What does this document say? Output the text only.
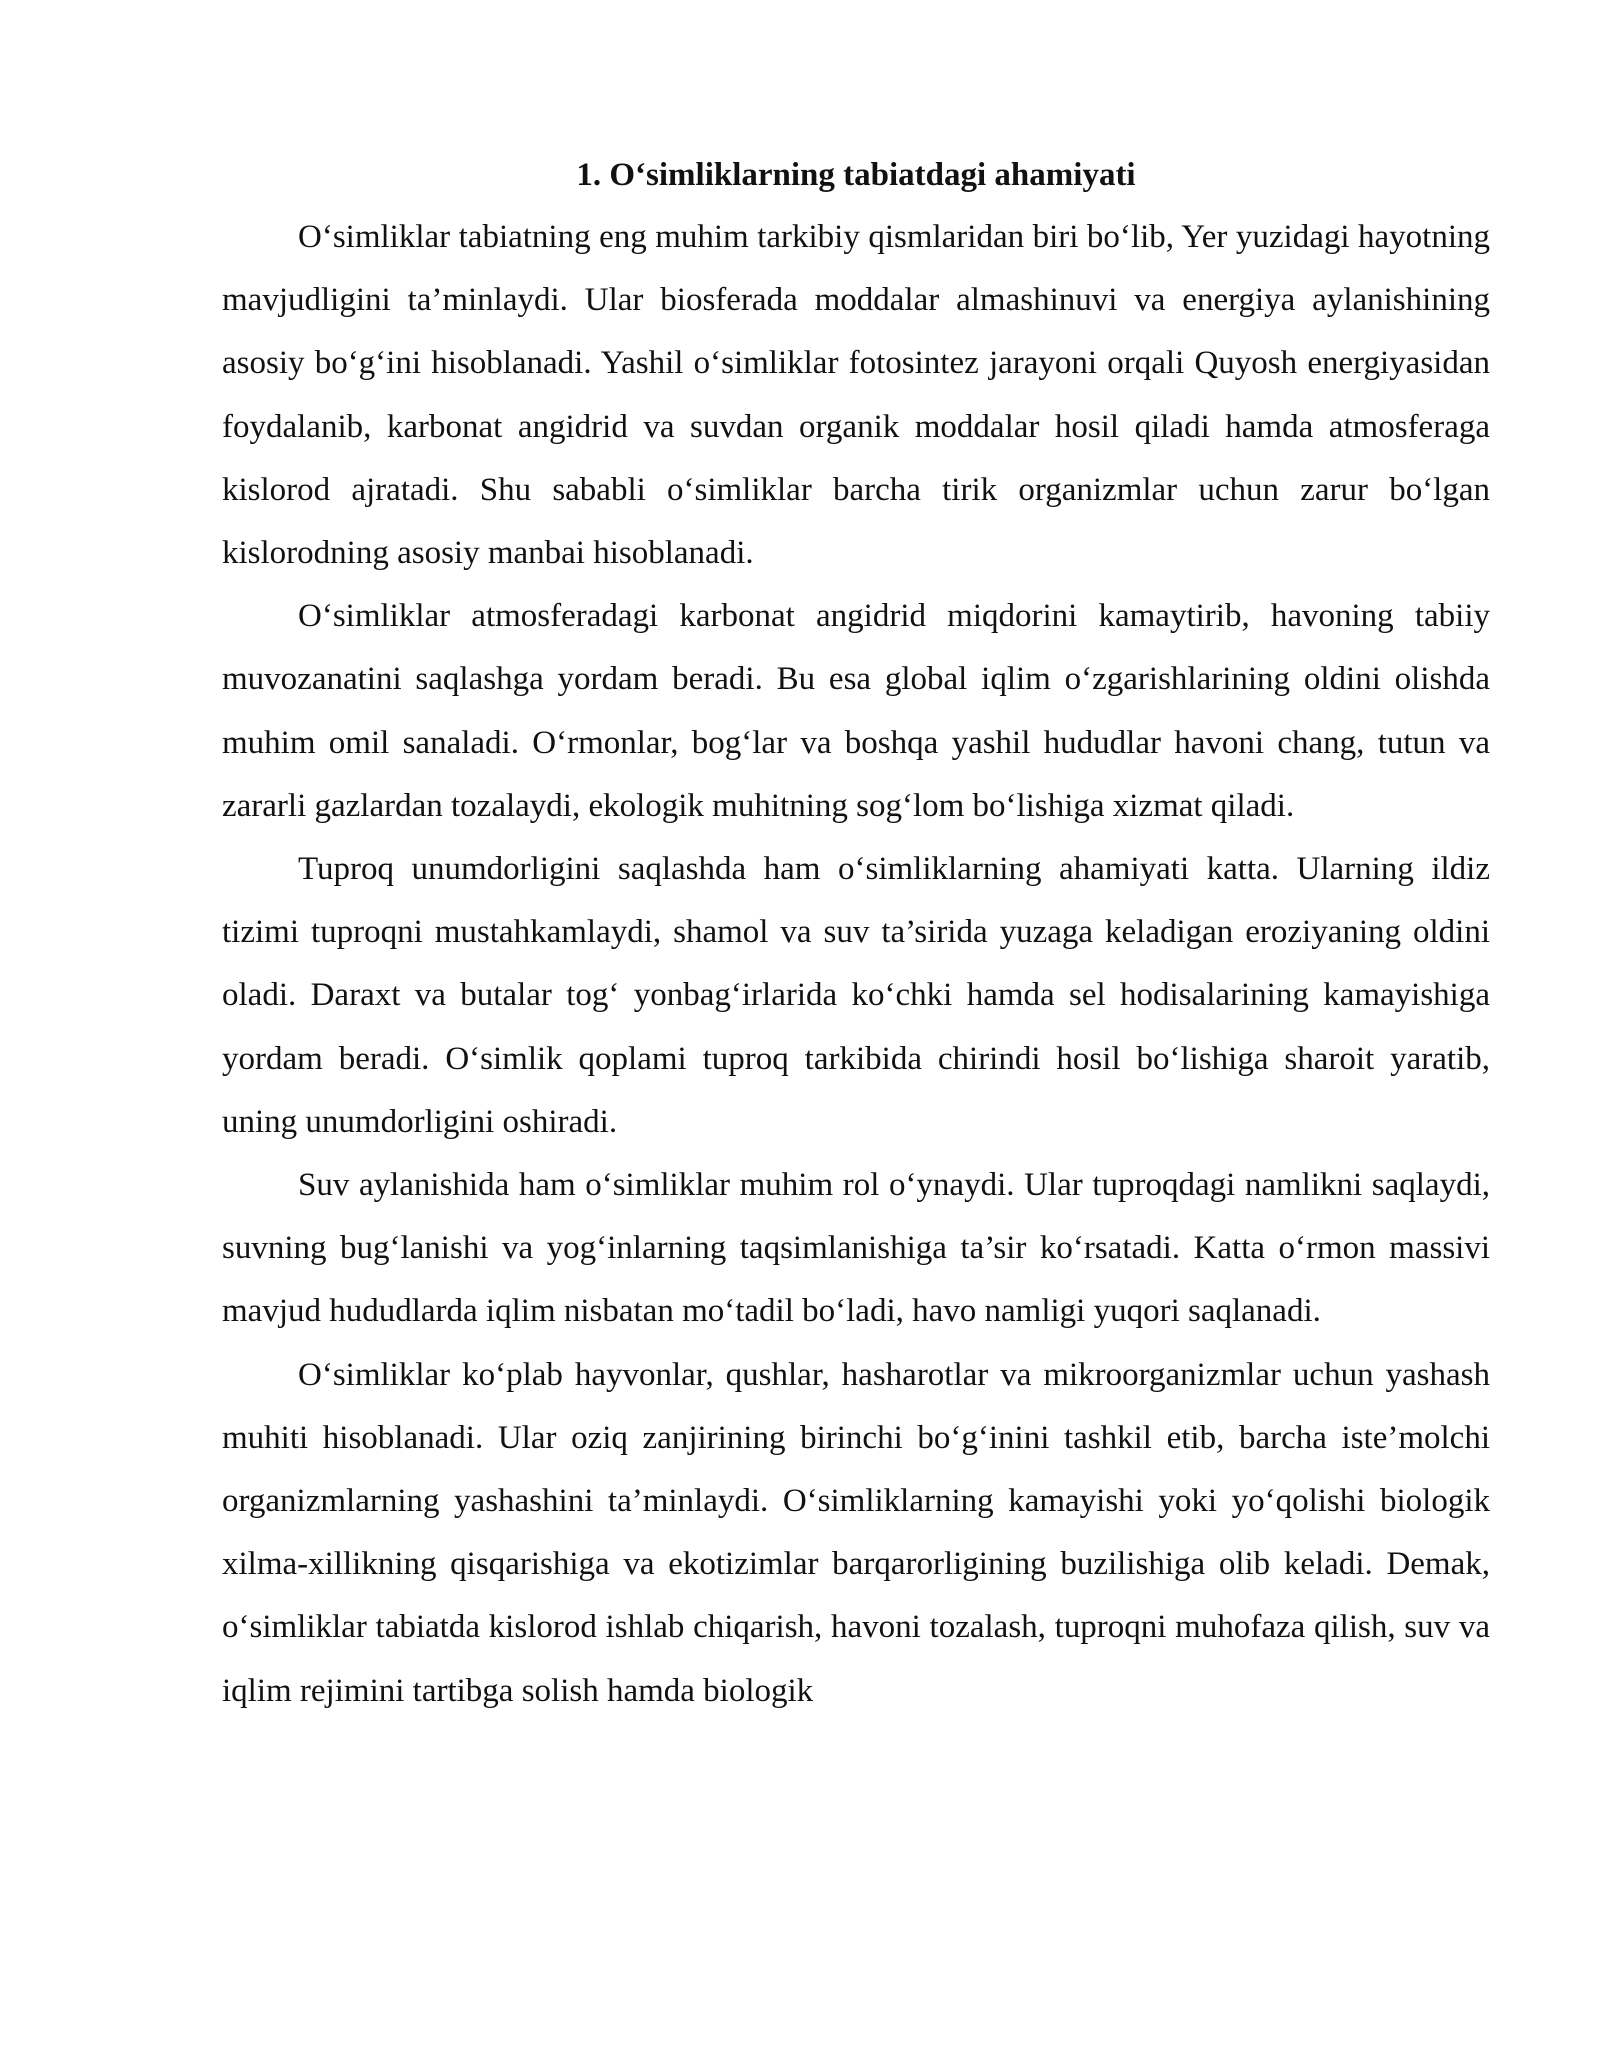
1. O‘simliklarning tabiatdagi ahamiyati

O‘simliklar tabiatning eng muhim tarkibiy qismlaridan biri bo‘lib, Yer yuzidagi hayotning mavjudligini ta’minlaydi. Ular biosferada moddalar almashinuvi va energiya aylanishining asosiy bo‘g‘ini hisoblanadi. Yashil o‘simliklar fotosintez jarayoni orqali Quyosh energiyasidan foydalanib, karbonat angidrid va suvdan organik moddalar hosil qiladi hamda atmosferaga kislorod ajratadi. Shu sababli o‘simliklar barcha tirik organizmlar uchun zarur bo‘lgan kislorodning asosiy manbai hisoblanadi.

O‘simliklar atmosferadagi karbonat angidrid miqdorini kamaytirib, havoning tabiiy muvozanatini saqlashga yordam beradi. Bu esa global iqlim o‘zgarishlarining oldini olishda muhim omil sanaladi. O‘rmonlar, bog‘lar va boshqa yashil hududlar havoni chang, tutun va zararli gazlardan tozalaydi, ekologik muhitning sog‘lom bo‘lishiga xizmat qiladi.

Tuproq unumdorligini saqlashda ham o‘simliklarning ahamiyati katta. Ularning ildiz tizimi tuproqni mustahkamlaydi, shamol va suv ta’sirida yuzaga keladigan eroziyaning oldini oladi. Daraxt va butalar tog‘ yonbag‘irlarida ko‘chki hamda sel hodisalarining kamayishiga yordam beradi. O‘simlik qoplami tuproq tarkibida chirindi hosil bo‘lishiga sharoit yaratib, uning unumdorligini oshiradi.

Suv aylanishida ham o‘simliklar muhim rol o‘ynaydi. Ular tuproqdagi namlikni saqlaydi, suvning bug‘lanishi va yog‘inlarning taqsimlanishiga ta’sir ko‘rsatadi. Katta o‘rmon massivi mavjud hududlarda iqlim nisbatan mo‘tadil bo‘ladi, havo namligi yuqori saqlanadi.

O‘simliklar ko‘plab hayvonlar, qushlar, hasharotlar va mikroorganizmlar uchun yashash muhiti hisoblanadi. Ular oziq zanjirining birinchi bo‘g‘inini tashkil etib, barcha iste’molchi organizmlarning yashashini ta’minlaydi. O‘simliklarning kamayishi yoki yo‘qolishi biologik xilma-xillikning qisqarishiga va ekotizimlar barqarorligining buzilishiga olib keladi. Demak, o‘simliklar tabiatda kislorod ishlab chiqarish, havoni tozalash, tuproqni muhofaza qilish, suv va iqlim rejimini tartibga solish hamda biologik
